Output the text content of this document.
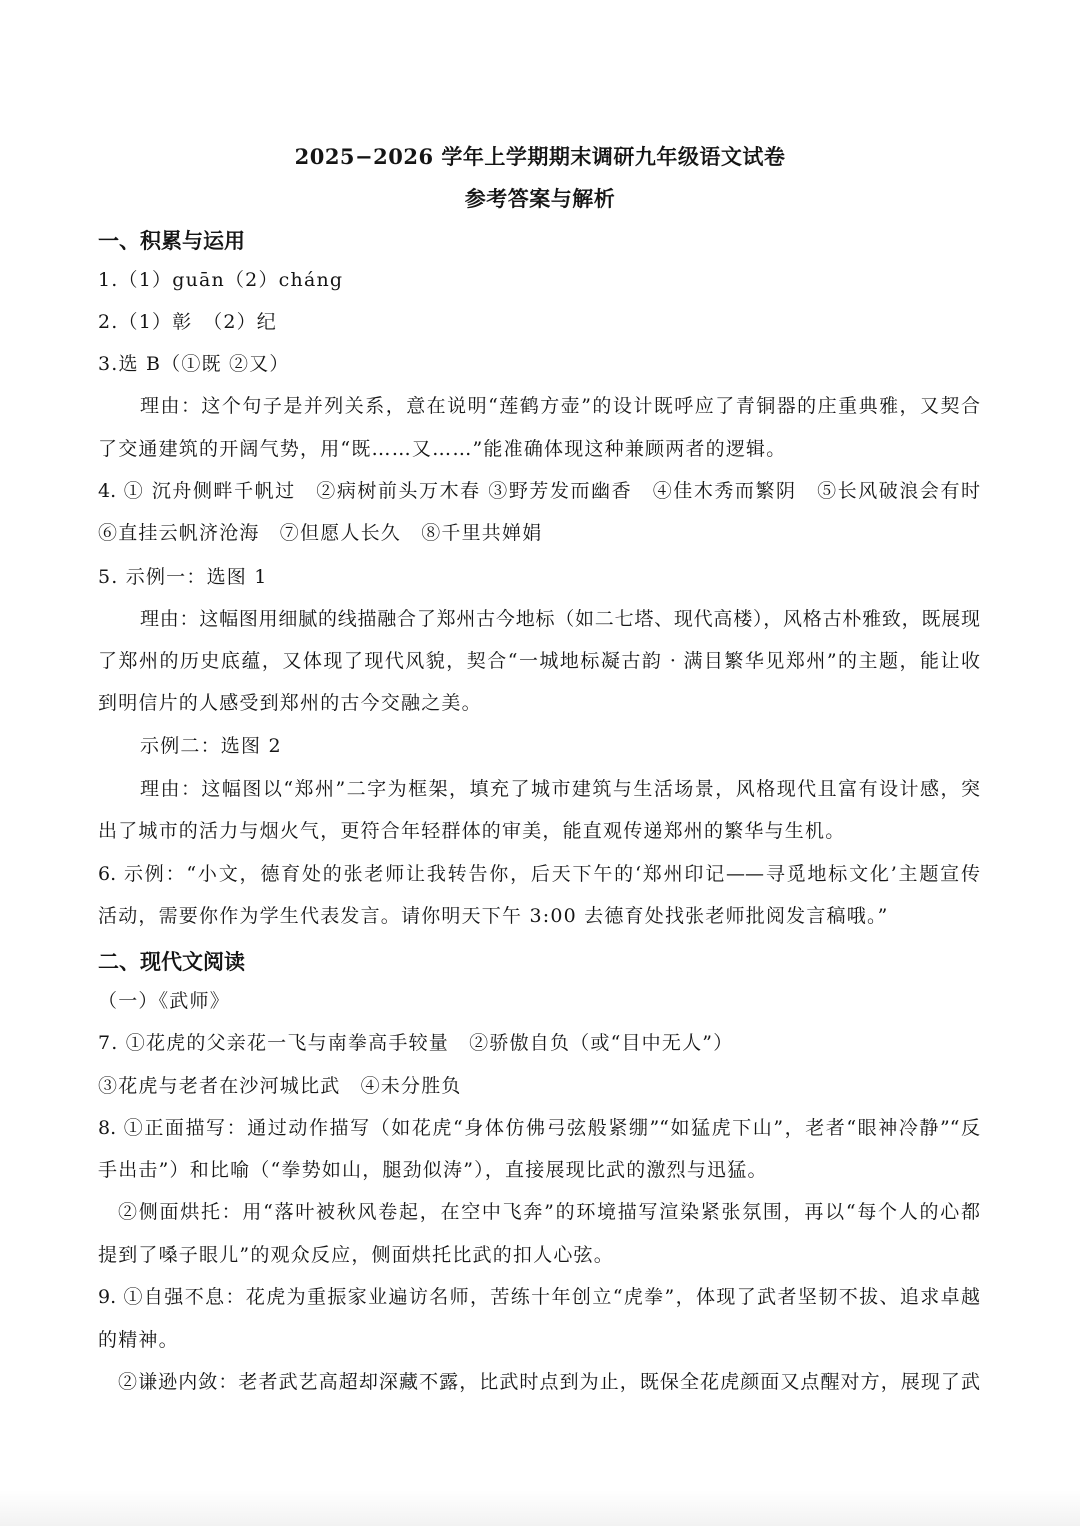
2025−2026 学年上学期期末调研九年级语文试卷
参考答案与解析
一、积累与运用
1.（1）guān（2）cháng
2.（1）彰　（2）纪
3.选 B（①既 ②又）
理由：这个句子是并列关系，意在说明“莲鹤方壶”的设计既呼应了青铜器的庄重典雅，又契合
了交通建筑的开阔气势，用“既……又……”能准确体现这种兼顾两者的逻辑。
4. ① 沉舟侧畔千帆过　②病树前头万木春 ③野芳发而幽香　④佳木秀而繁阴　⑤长风破浪会有时
⑥直挂云帆济沧海　⑦但愿人长久　⑧千里共婵娟
5. 示例一：选图 1
理由：这幅图用细腻的线描融合了郑州古今地标（如二七塔、现代高楼），风格古朴雅致，既展现
了郑州的历史底蕴，又体现了现代风貌，契合“一城地标凝古韵 · 满目繁华见郑州”的主题，能让收
到明信片的人感受到郑州的古今交融之美。
示例二：选图 2
理由：这幅图以“郑州”二字为框架，填充了城市建筑与生活场景，风格现代且富有设计感，突
出了城市的活力与烟火气，更符合年轻群体的审美，能直观传递郑州的繁华与生机。
6. 示例：“小文，德育处的张老师让我转告你，后天下午的‘郑州印记——寻觅地标文化’主题宣传
活动，需要你作为学生代表发言。请你明天下午 3:00 去德育处找张老师批阅发言稿哦。”
二、现代文阅读
（一）《武师》
7. ①花虎的父亲花一飞与南拳高手较量　②骄傲自负（或“目中无人”）
③花虎与老者在沙河城比武　④未分胜负
8. ①正面描写：通过动作描写（如花虎“身体仿佛弓弦般紧绷”“如猛虎下山”，老者“眼神冷静”“反
手出击”）和比喻（“拳势如山，腿劲似涛”），直接展现比武的激烈与迅猛。
②侧面烘托：用“落叶被秋风卷起，在空中飞奔”的环境描写渲染紧张氛围，再以“每个人的心都
提到了嗓子眼儿”的观众反应，侧面烘托比武的扣人心弦。
9. ①自强不息：花虎为重振家业遍访名师，苦练十年创立“虎拳”，体现了武者坚韧不拔、追求卓越
的精神。
②谦逊内敛：老者武艺高超却深藏不露，比武时点到为止，既保全花虎颜面又点醒对方，展现了武
